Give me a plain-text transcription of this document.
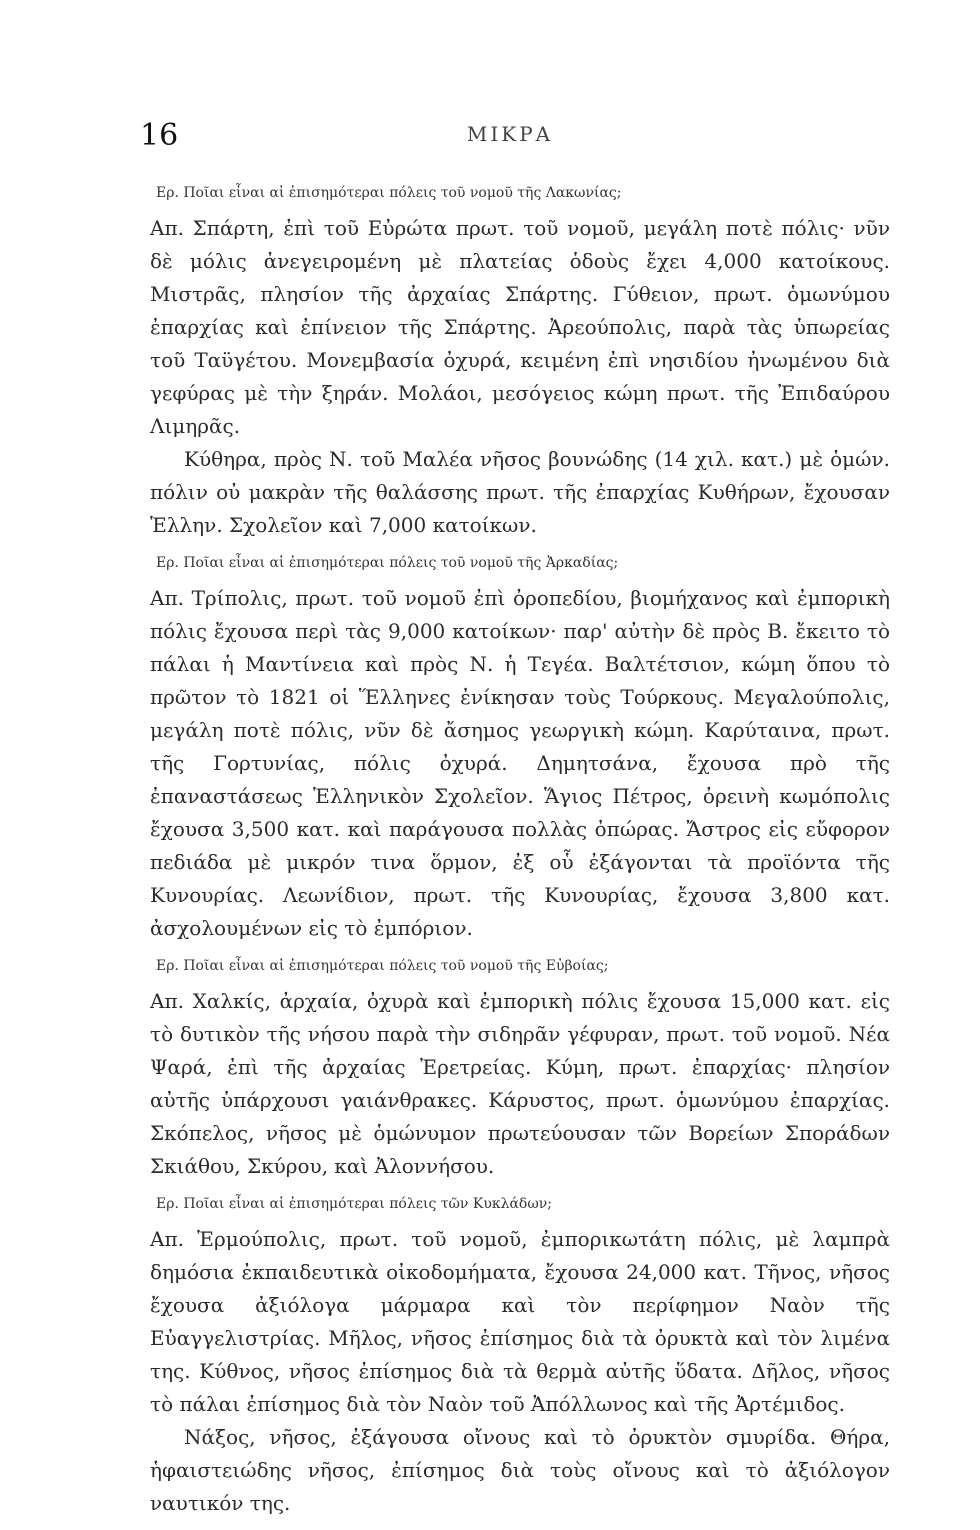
16	ΜΙΚΡΑ
Ερ. Ποῖαι εἶναι αἱ ἐπισημότεραι πόλεις τοῦ νομοῦ τῆς Λακωνίας;

Απ. Σπάρτη, ἐπὶ τοῦ Εὐρώτα πρωτ. τοῦ νομοῦ, μεγάλη ποτὲ πόλις· νῦν δὲ μόλις ἀνεγειρομένη μὲ πλατείας ὁδοὺς ἔχει 4,000 κατοίκους. Μιστρᾶς, πλησίον τῆς ἀρχαίας Σπάρτης. Γύθειον, πρωτ. ὁμωνύμου ἐπαρχίας καὶ ἐπίνειον τῆς Σπάρτης. Ἀρεούπολις, παρὰ τὰς ὑπωρείας τοῦ Ταϋγέτου. Μονεμβασία ὀχυρά, κειμένη ἐπὶ νησιδίου ἠνωμένου διὰ γεφύρας μὲ τὴν ξηράν. Μολάοι, μεσόγειος κώμη πρωτ. τῆς Ἐπιδαύρου Λιμηρᾶς.

Κύθηρα, πρὸς Ν. τοῦ Μαλέα νῆσος βουνώδης (14 χιλ. κατ.) μὲ ὁμών. πόλιν οὐ μακρὰν τῆς θαλάσσης πρωτ. τῆς ἐπαρχίας Κυθήρων, ἔχουσαν Ἑλλην. Σχολεῖον καὶ 7,000 κατοίκων.

Ερ. Ποῖαι εἶναι αἱ ἐπισημότεραι πόλεις τοῦ νομοῦ τῆς Ἀρκαδίας;

Απ. Τρίπολις, πρωτ. τοῦ νομοῦ ἐπὶ ὀροπεδίου, βιομήχανος καὶ ἐμπορικὴ πόλις ἔχουσα περὶ τὰς 9,000 κατοίκων· παρ' αὐτὴν δὲ πρὸς Β. ἔκειτο τὸ πάλαι ἡ Μαντίνεια καὶ πρὸς Ν. ἡ Τεγέα. Βαλτέτσιον, κώμη ὅπου τὸ πρῶτον τὸ 1821 οἱ Ἕλληνες ἐνίκησαν τοὺς Τούρκους. Μεγαλούπολις, μεγάλη ποτὲ πόλις, νῦν δὲ ἄσημος γεωργικὴ κώμη. Καρύταινα, πρωτ. τῆς Γορτυνίας, πόλις ὀχυρά. Δημητσάνα, ἔχουσα πρὸ τῆς ἐπαναστάσεως Ἑλληνικὸν Σχολεῖον. Ἅγιος Πέτρος, ὀρεινὴ κωμόπολις ἔχουσα 3,500 κατ. καὶ παράγουσα πολλὰς ὀπώρας. Ἄστρος εἰς εὔφορον πεδιάδα μὲ μικρόν τινα ὅρμον, ἐξ οὗ ἐξάγονται τὰ προϊόντα τῆς Κυνουρίας. Λεωνίδιον, πρωτ. τῆς Κυνουρίας, ἔχουσα 3,800 κατ. ἀσχολουμένων εἰς τὸ ἐμπόριον.

Ερ. Ποῖαι εἶναι αἱ ἐπισημότεραι πόλεις τοῦ νομοῦ τῆς Εὐβοίας;

Απ. Χαλκίς, ἀρχαία, ὀχυρὰ καὶ ἐμπορικὴ πόλις ἔχουσα 15,000 κατ. εἰς τὸ δυτικὸν τῆς νήσου παρὰ τὴν σιδηρᾶν γέφυραν, πρωτ. τοῦ νομοῦ. Νέα Ψαρά, ἐπὶ τῆς ἀρχαίας Ἐρετρείας. Κύμη, πρωτ. ἐπαρχίας· πλησίον αὐτῆς ὑπάρχουσι γαιάνθρακες. Κάρυστος, πρωτ. ὁμωνύμου ἐπαρχίας. Σκόπελος, νῆσος μὲ ὁμώνυμον πρωτεύουσαν τῶν Βορείων Σποράδων Σκιάθου, Σκύρου, καὶ Ἀλοννήσου.

Ερ. Ποῖαι εἶναι αἱ ἐπισημότεραι πόλεις τῶν Κυκλάδων;

Απ. Ἑρμούπολις, πρωτ. τοῦ νομοῦ, ἐμπορικωτάτη πόλις, μὲ λαμπρὰ δημόσια ἐκπαιδευτικὰ οἰκοδομήματα, ἔχουσα 24,000 κατ. Τῆνος, νῆσος ἔχουσα ἀξιόλογα μάρμαρα καὶ τὸν περίφημον Ναὸν τῆς Εὐαγγελιστρίας. Μῆλος, νῆσος ἐπίσημος διὰ τὰ ὀρυκτὰ καὶ τὸν λιμένα της. Κύθνος, νῆσος ἐπίσημος διὰ τὰ θερμὰ αὐτῆς ὕδατα. Δῆλος, νῆσος τὸ πάλαι ἐπίσημος διὰ τὸν Ναὸν τοῦ Ἀπόλλωνος καὶ τῆς Ἀρτέμιδος.

Νάξος, νῆσος, ἐξάγουσα οἴνους καὶ τὸ ὀρυκτὸν σμυρίδα. Θήρα, ἡφαιστειώδης νῆσος, ἐπίσημος διὰ τοὺς οἴνους καὶ τὸ ἀξιόλογον ναυτικόν της.
